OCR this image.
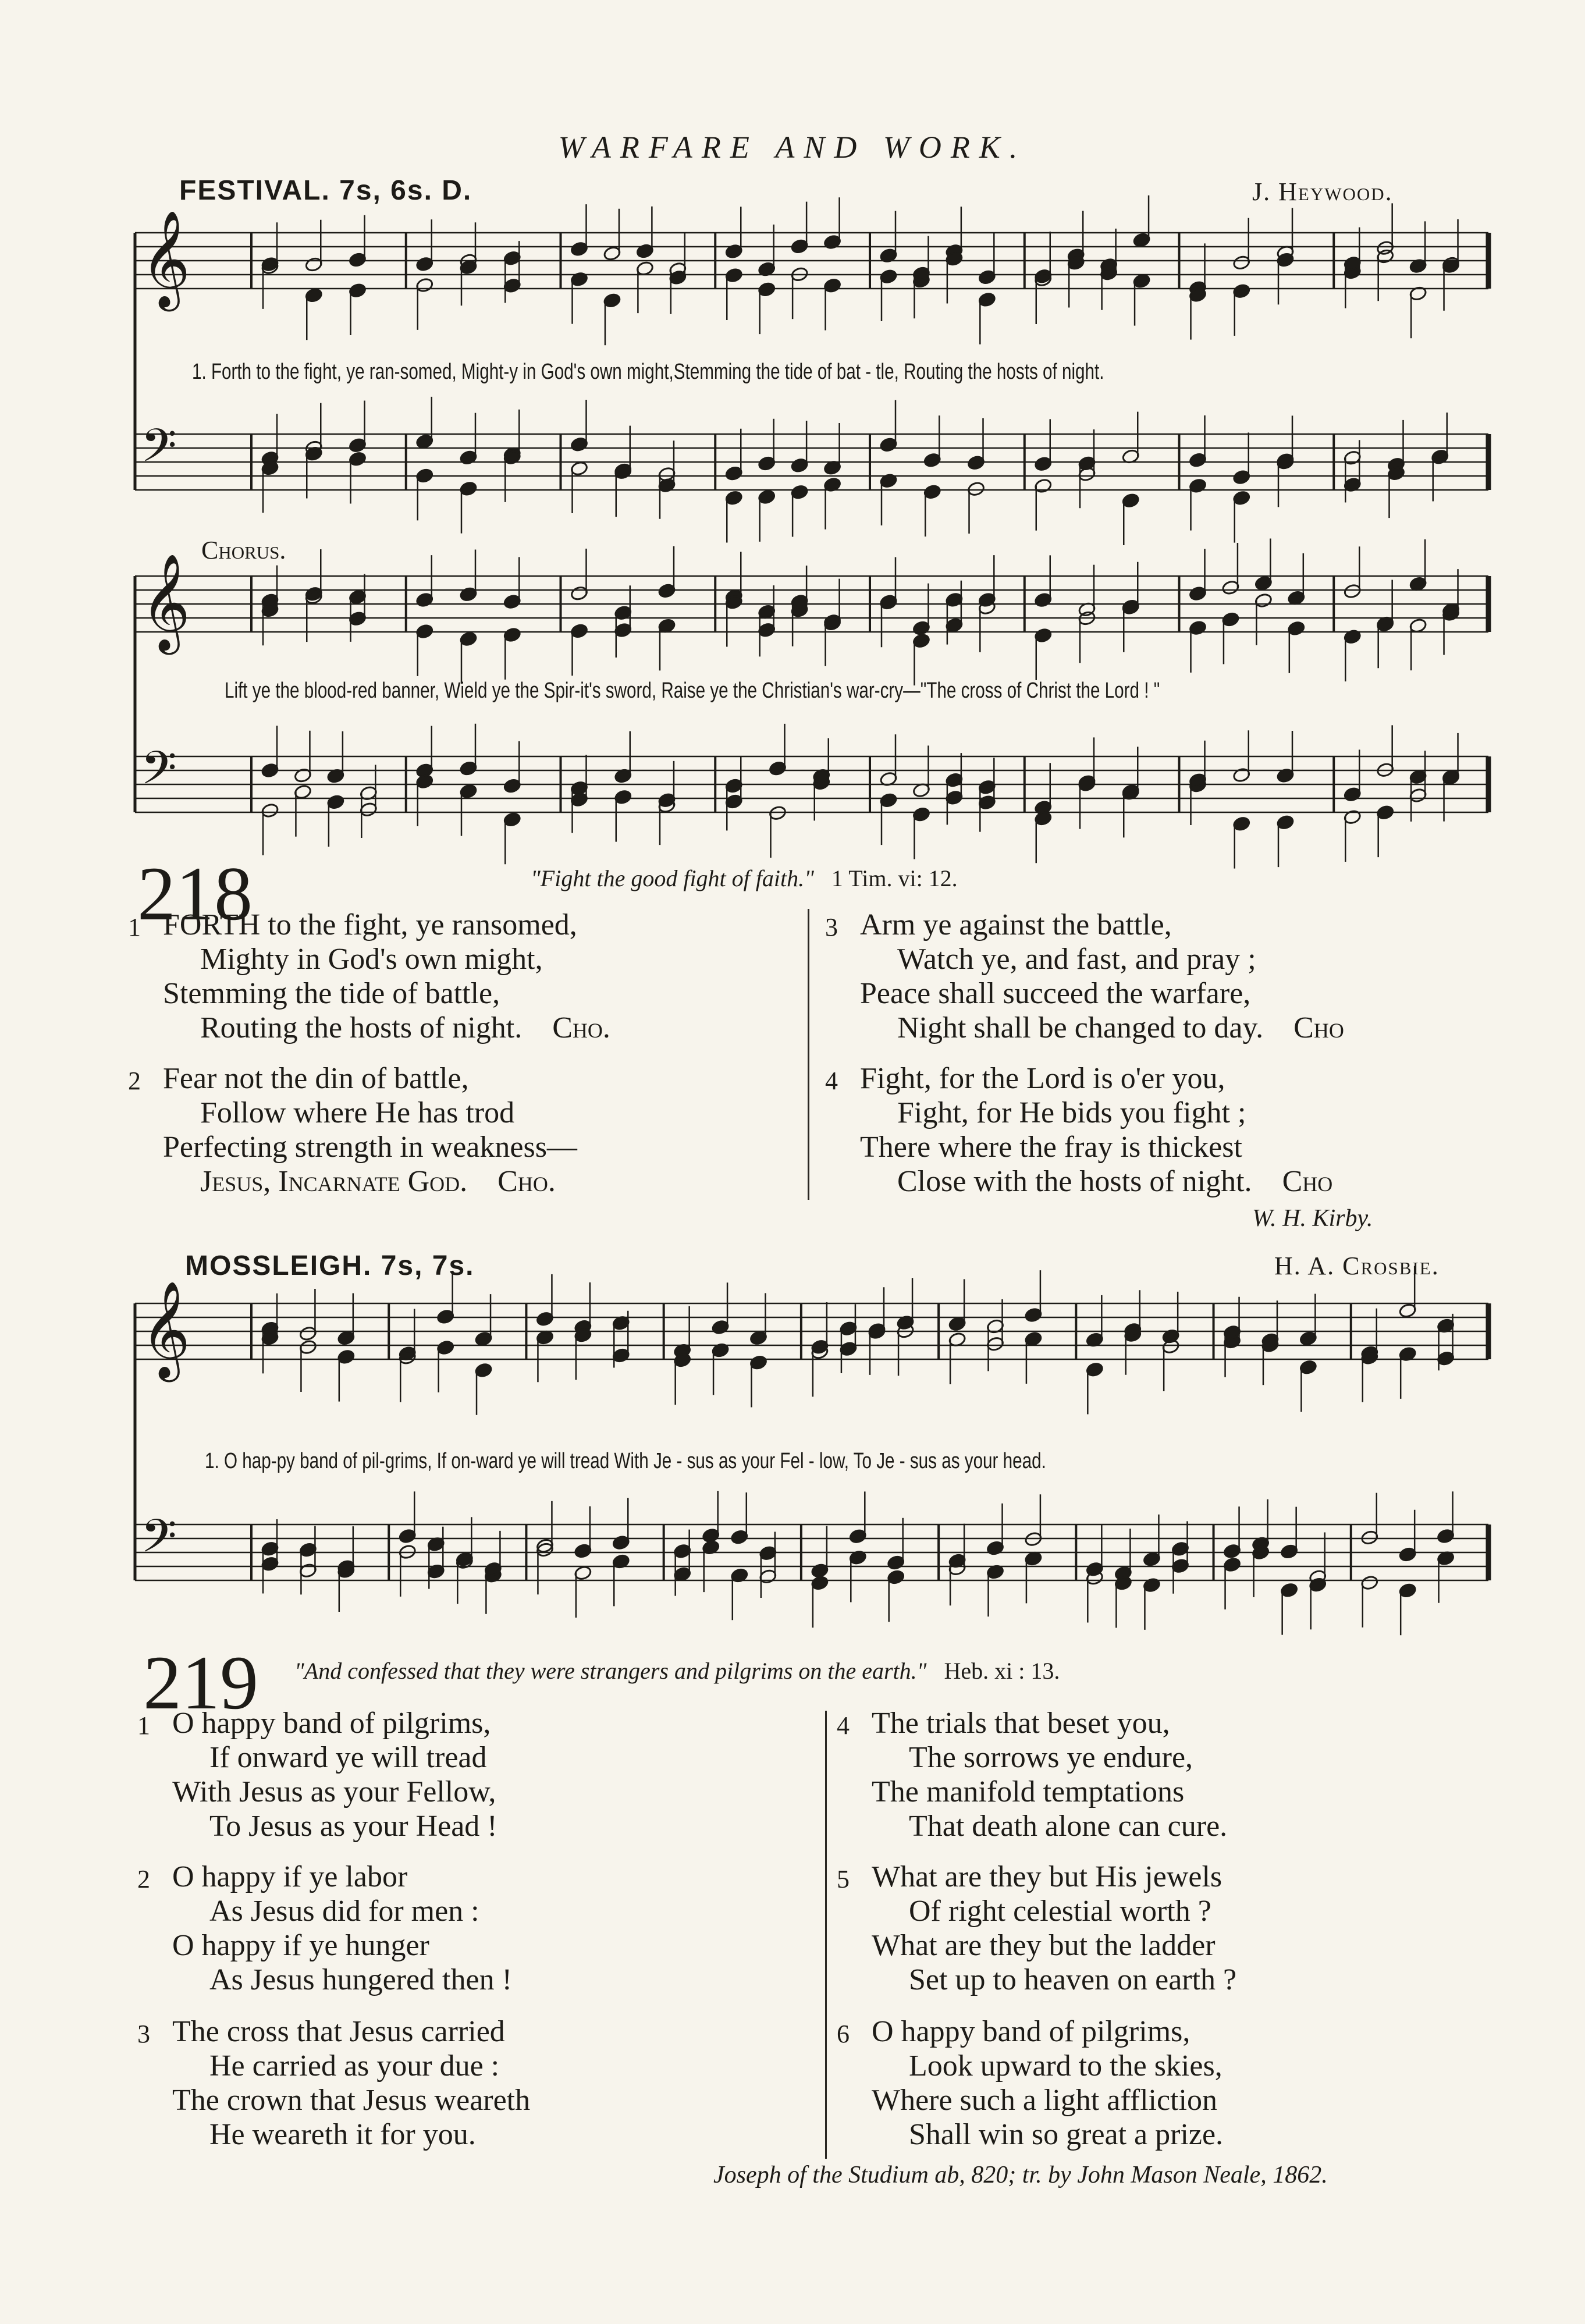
𝄞
𝄢
𝄞
𝄢
𝄞
𝄢
WARFARE AND WORK.
FESTIVAL. 7s, 6s. D.	J. Heywood.
1. Forth to the fight, ye ran-somed, Might-y in God's own might,Stemming the tide of bat - tle, Routing the hosts of night.
Chorus.
Lift ye the blood-red banner, Wield ye the Spir-it's sword, Raise ye the Christian's war-cry—"The cross of Christ the Lord ! "
218	"Fight the good fight of faith." 1 Tim. vi: 12.
1 FORTH to the fight, ye ransomed,
Mighty in God's own might,
Stemming the tide of battle,
Routing the hosts of night. Cho.
2 Fear not the din of battle,
Follow where He has trod
Perfecting strength in weakness—
Jesus, Incarnate God. Cho.
3 Arm ye against the battle,
Watch ye, and fast, and pray ;
Peace shall succeed the warfare,
Night shall be changed to day. Cho
4 Fight, for the Lord is o'er you,
Fight, for He bids you fight ;
There where the fray is thickest
Close with the hosts of night. Cho
W. H. Kirby.
MOSSLEIGH. 7s, 7s.	H. A. Crosbie.
1. O hap-py band of pil-grims, If on-ward ye will tread With Je - sus as your Fel - low, To Je - sus as your head.
219 "And confessed that they were strangers and pilgrims on the earth." Heb. xi : 13.
1 O happy band of pilgrims,
If onward ye will tread
With Jesus as your Fellow,
To Jesus as your Head !
2 O happy if ye labor
As Jesus did for men :
O happy if ye hunger
As Jesus hungered then !
3 The cross that Jesus carried
He carried as your due :
The crown that Jesus weareth
He weareth it for you.
4 The trials that beset you,
The sorrows ye endure,
The manifold temptations
That death alone can cure.
5 What are they but His jewels
Of right celestial worth ?
What are they but the ladder
Set up to heaven on earth ?
6 O happy band of pilgrims,
Look upward to the skies,
Where such a light affliction
Shall win so great a prize.
Joseph of the Studium ab, 820; tr. by John Mason Neale, 1862.
